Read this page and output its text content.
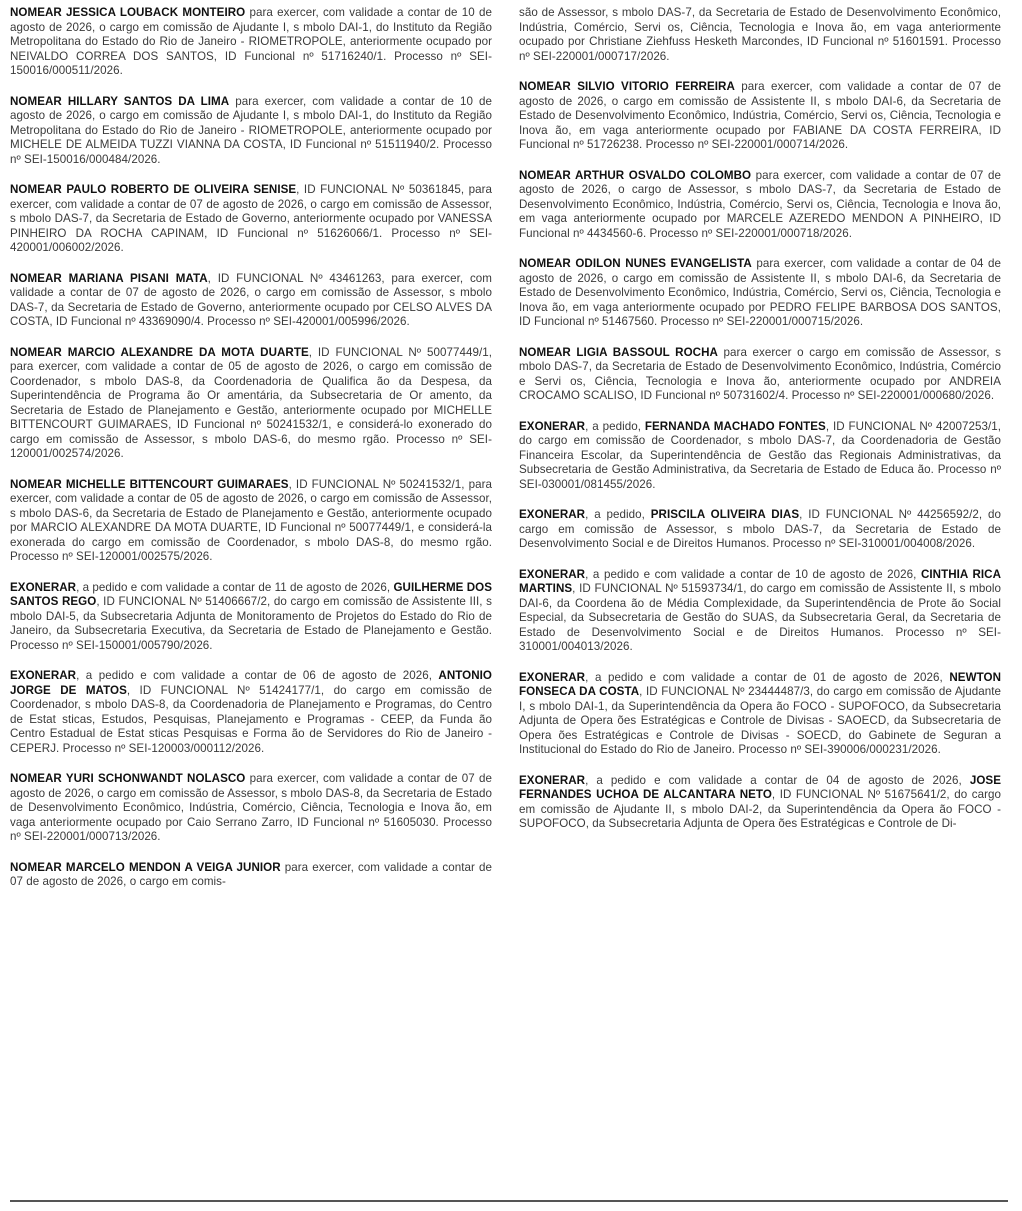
NOMEAR JESSICA LOUBACK MONTEIRO para exercer, com validade a contar de 10 de agosto de 2026, o cargo em comissão de Ajudante I, s mbolo DAI-1, do Instituto da Região Metropolitana do Estado do Rio de Janeiro - RIOMETROPOLE, anteriormente ocupado por NEIVALDO CORREA DOS SANTOS, ID Funcional nº 51716240/1. Processo nº SEI-150016/000511/2026.

NOMEAR HILLARY SANTOS DA LIMA para exercer, com validade a contar de 10 de agosto de 2026, o cargo em comissão de Ajudante I, s mbolo DAI-1, do Instituto da Região Metropolitana do Estado do Rio de Janeiro - RIOMETROPOLE, anteriormente ocupado por MICHELE DE ALMEIDA TUZZI VIANNA DA COSTA, ID Funcional nº 51511940/2. Processo nº SEI-150016/000484/2026.

NOMEAR PAULO ROBERTO DE OLIVEIRA SENISE, ID FUNCIONAL Nº 50361845, para exercer, com validade a contar de 07 de agosto de 2026, o cargo em comissão de Assessor, s mbolo DAS-7, da Secretaria de Estado de Governo, anteriormente ocupado por VANESSA PINHEIRO DA ROCHA CAPINAM, ID Funcional nº 51626066/1. Processo nº SEI-420001/006002/2026.

NOMEAR MARIANA PISANI MATA, ID FUNCIONAL Nº 43461263, para exercer, com validade a contar de 07 de agosto de 2026, o cargo em comissão de Assessor, s mbolo DAS-7, da Secretaria de Estado de Governo, anteriormente ocupado por CELSO ALVES DA COSTA, ID Funcional nº 43369090/4. Processo nº SEI-420001/005996/2026.

NOMEAR MARCIO ALEXANDRE DA MOTA DUARTE, ID FUNCIONAL Nº 50077449/1, para exercer, com validade a contar de 05 de agosto de 2026, o cargo em comissão de Coordenador, s mbolo DAS-8, da Coordenadoria de Qualifica ão da Despesa, da Superintendência de Programa ão Or amentária, da Subsecretaria de Or amento, da Secretaria de Estado de Planejamento e Gestão, anteriormente ocupado por MICHELLE BITTENCOURT GUIMARAES, ID Funcional nº 50241532/1, e considerá-lo exonerado do cargo em comissão de Assessor, s mbolo DAS-6, do mesmo rgão. Processo nº SEI-120001/002574/2026.

NOMEAR MICHELLE BITTENCOURT GUIMARAES, ID FUNCIONAL Nº 50241532/1, para exercer, com validade a contar de 05 de agosto de 2026, o cargo em comissão de Assessor, s mbolo DAS-6, da Secretaria de Estado de Planejamento e Gestão, anteriormente ocupado por MARCIO ALEXANDRE DA MOTA DUARTE, ID Funcional nº 50077449/1, e considerá-la exonerada do cargo em comissão de Coordenador, s mbolo DAS-8, do mesmo rgão. Processo nº SEI-120001/002575/2026.

EXONERAR, a pedido e com validade a contar de 11 de agosto de 2026, GUILHERME DOS SANTOS REGO, ID FUNCIONAL Nº 51406667/2, do cargo em comissão de Assistente III, s mbolo DAI-5, da Subsecretaria Adjunta de Monitoramento de Projetos do Estado do Rio de Janeiro, da Subsecretaria Executiva, da Secretaria de Estado de Planejamento e Gestão. Processo nº SEI-150001/005790/2026.

EXONERAR, a pedido e com validade a contar de 06 de agosto de 2026, ANTONIO JORGE DE MATOS, ID FUNCIONAL Nº 51424177/1, do cargo em comissão de Coordenador, s mbolo DAS-8, da Coordenadoria de Planejamento e Programas, do Centro de Estat sticas, Estudos, Pesquisas, Planejamento e Programas - CEEP, da Funda ão Centro Estadual de Estat sticas Pesquisas e Forma ão de Servidores do Rio de Janeiro - CEPERJ. Processo nº SEI-120003/000112/2026.

NOMEAR YURI SCHONWANDT NOLASCO para exercer, com validade a contar de 07 de agosto de 2026, o cargo em comissão de Assessor, s mbolo DAS-8, da Secretaria de Estado de Desenvolvimento Econômico, Indústria, Comércio, Ciência, Tecnologia e Inova ão, em vaga anteriormente ocupado por Caio Serrano Zarro, ID Funcional nº 51605030. Processo nº SEI-220001/000713/2026.

NOMEAR MARCELO MENDON A VEIGA JUNIOR para exercer, com validade a contar de 07 de agosto de 2026, o cargo em comis-

são de Assessor, s mbolo DAS-7, da Secretaria de Estado de Desenvolvimento Econômico, Indústria, Comércio, Servi os, Ciência, Tecnologia e Inova ão, em vaga anteriormente ocupado por Christiane Ziehfuss Hesketh Marcondes, ID Funcional nº 51601591. Processo nº SEI-220001/000717/2026.

NOMEAR SILVIO VITORIO FERREIRA para exercer, com validade a contar de 07 de agosto de 2026, o cargo em comissão de Assistente II, s mbolo DAI-6, da Secretaria de Estado de Desenvolvimento Econômico, Indústria, Comércio, Servi os, Ciência, Tecnologia e Inova ão, em vaga anteriormente ocupado por FABIANE DA COSTA FERREIRA, ID Funcional nº 51726238. Processo nº SEI-220001/000714/2026.

NOMEAR ARTHUR OSVALDO COLOMBO para exercer, com validade a contar de 07 de agosto de 2026, o cargo de Assessor, s mbolo DAS-7, da Secretaria de Estado de Desenvolvimento Econômico, Indústria, Comércio, Servi os, Ciência, Tecnologia e Inova ão, em vaga anteriormente ocupado por MARCELE AZEREDO MENDON A PINHEIRO, ID Funcional nº 4434560-6. Processo nº SEI-220001/000718/2026.

NOMEAR ODILON NUNES EVANGELISTA para exercer, com validade a contar de 04 de agosto de 2026, o cargo em comissão de Assistente II, s mbolo DAI-6, da Secretaria de Estado de Desenvolvimento Econômico, Indústria, Comércio, Servi os, Ciência, Tecnologia e Inova ão, em vaga anteriormente ocupado por PEDRO FELIPE BARBOSA DOS SANTOS, ID Funcional nº 51467560. Processo nº SEI-220001/000715/2026.

NOMEAR LIGIA BASSOUL ROCHA para exercer o cargo em comissão de Assessor, s mbolo DAS-7, da Secretaria de Estado de Desenvolvimento Econômico, Indústria, Comércio e Servi os, Ciência, Tecnologia e Inova ão, anteriormente ocupado por ANDREIA CROCAMO SCALISO, ID Funcional nº 50731602/4. Processo nº SEI-220001/000680/2026.

EXONERAR, a pedido, FERNANDA MACHADO FONTES, ID FUNCIONAL Nº 42007253/1, do cargo em comissão de Coordenador, s mbolo DAS-7, da Coordenadoria de Gestão Financeira Escolar, da Superintendência de Gestão das Regionais Administrativas, da Subsecretaria de Gestão Administrativa, da Secretaria de Estado de Educa ão. Processo nº SEI-030001/081455/2026.

EXONERAR, a pedido, PRISCILA OLIVEIRA DIAS, ID FUNCIONAL Nº 44256592/2, do cargo em comissão de Assessor, s mbolo DAS-7, da Secretaria de Estado de Desenvolvimento Social e de Direitos Humanos. Processo nº SEI-310001/004008/2026.

EXONERAR, a pedido e com validade a contar de 10 de agosto de 2026, CINTHIA RICA MARTINS, ID FUNCIONAL Nº 51593734/1, do cargo em comissão de Assistente II, s mbolo DAI-6, da Coordena ão de Média Complexidade, da Superintendência de Prote ão Social Especial, da Subsecretaria de Gestão do SUAS, da Subsecretaria Geral, da Secretaria de Estado de Desenvolvimento Social e de Direitos Humanos. Processo nº SEI-310001/004013/2026.

EXONERAR, a pedido e com validade a contar de 01 de agosto de 2026, NEWTON FONSECA DA COSTA, ID FUNCIONAL Nº 23444487/3, do cargo em comissão de Ajudante I, s mbolo DAI-1, da Superintendência da Opera ão FOCO - SUPOFOCO, da Subsecretaria Adjunta de Opera ões Estratégicas e Controle de Divisas - SAOECD, da Subsecretaria de Opera ões Estratégicas e Controle de Divisas - SOECD, do Gabinete de Seguran a Institucional do Estado do Rio de Janeiro. Processo nº SEI-390006/000231/2026.

EXONERAR, a pedido e com validade a contar de 04 de agosto de 2026, JOSE FERNANDES UCHOA DE ALCANTARA NETO, ID FUNCIONAL Nº 51675641/2, do cargo em comissão de Ajudante II, s mbolo DAI-2, da Superintendência da Opera ão FOCO - SUPOFOCO, da Subsecretaria Adjunta de Opera ões Estratégicas e Controle de Di-
